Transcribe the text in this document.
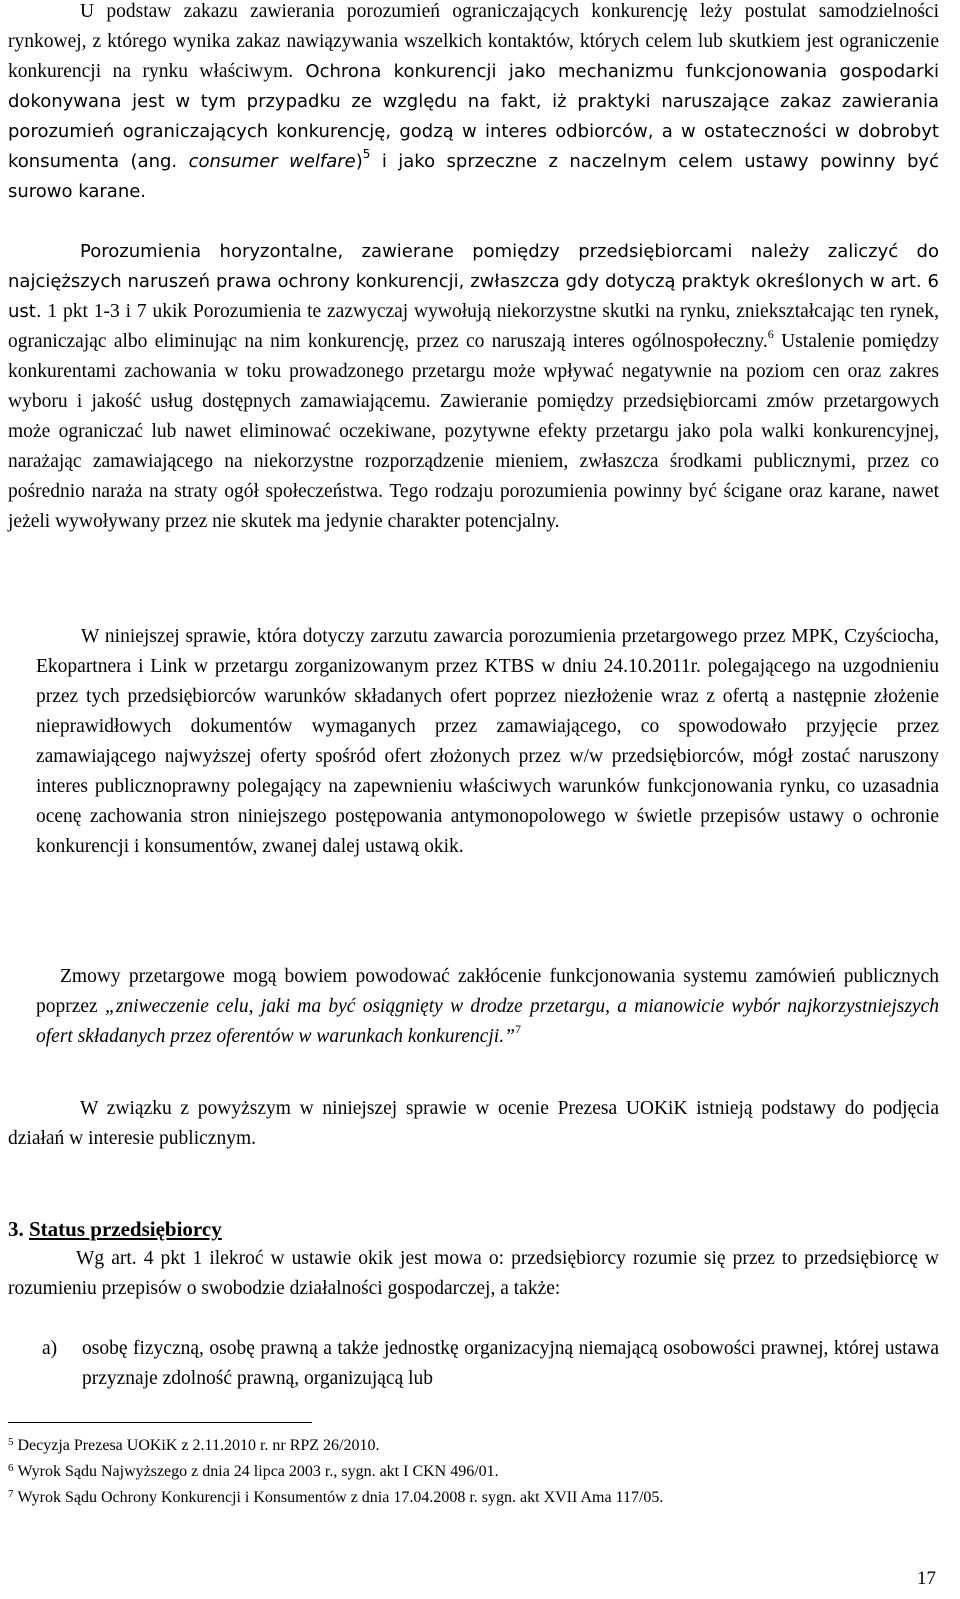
U podstaw zakazu zawierania porozumień ograniczających konkurencję leży postulat samodzielności rynkowej, z którego wynika zakaz nawiązywania wszelkich kontaktów, których celem lub skutkiem jest ograniczenie konkurencji na rynku właściwym. Ochrona konkurencji jako mechanizmu funkcjonowania gospodarki dokonywana jest w tym przypadku ze względu na fakt, iż praktyki naruszające zakaz zawierania porozumień ograniczających konkurencję, godzą w interes odbiorców, a w ostateczności w dobrobyt konsumenta (ang. consumer welfare)$^5$ i jako sprzeczne z naczelnym celem ustawy powinny być surowo karane.

Porozumienia horyzontalne, zawierane pomiędzy przedsiębiorcami należy zaliczyć do najcięższych naruszeń prawa ochrony konkurencji, zwłaszcza gdy dotyczą praktyk określonych w art. 6 ust. 1 pkt 1-3 i 7 ukik Porozumienia te zazwyczaj wywołują niekorzystne skutki na rynku, zniekształcając ten rynek, ograniczając albo eliminując na nim konkurencję, przez co naruszają interes ogólnospołeczny.$^6$ Ustalenie pomiędzy konkurentami zachowania w toku prowadzonego przetargu może wpływać negatywnie na poziom cen oraz zakres wyboru i jakość usług dostępnych zamawiającemu. Zawieranie pomiędzy przedsiębiorcami zmów przetargowych może ograniczać lub nawet eliminować oczekiwane, pozytywne efekty przetargu jako pola walki konkurencyjnej, narażając zamawiającego na niekorzystne rozporządzenie mieniem, zwłaszcza środkami publicznymi, przez co pośrednio naraża na straty ogół społeczeństwa. Tego rodzaju porozumienia powinny być ścigane oraz karane, nawet jeżeli wywoływany przez nie skutek ma jedynie charakter potencjalny.

W niniejszej sprawie, która dotyczy zarzutu zawarcia porozumienia przetargowego przez MPK, Czyściocha, Ekopartnera i Link w przetargu zorganizowanym przez KTBS w dniu 24.10.2011r. polegającego na uzgodnieniu przez tych przedsiębiorców warunków składanych ofert poprzez niezłożenie wraz z ofertą a następnie złożenie nieprawidłowych dokumentów wymaganych przez zamawiającego, co spowodowało przyjęcie przez zamawiającego najwyższej oferty spośród ofert złożonych przez w/w przedsiębiorców, mógł zostać naruszony interes publicznoprawny polegający na zapewnieniu właściwych warunków funkcjonowania rynku, co uzasadnia ocenę zachowania stron niniejszego postępowania antymonopolowego w świetle przepisów ustawy o ochronie konkurencji i konsumentów, zwanej dalej ustawą okik.

Zmowy przetargowe mogą bowiem powodować zakłócenie funkcjonowania systemu zamówień publicznych poprzez „zniweczenie celu, jaki ma być osiągnięty w drodze przetargu, a mianowicie wybór najkorzystniejszych ofert składanych przez oferentów w warunkach konkurencji.”$^7$

W związku z powyższym w niniejszej sprawie w ocenie Prezesa UOKiK istnieją podstawy do podjęcia działań w interesie publicznym.

3. Status przedsiębiorcy

Wg art. 4 pkt 1 ilekroć w ustawie okik jest mowa o: przedsiębiorcy rozumie się przez to przedsiębiorcę w rozumieniu przepisów o swobodzie działalności gospodarczej, a także:

a) osobę fizyczną, osobę prawną a także jednostkę organizacyjną niemającą osobowości prawnej, której ustawa przyznaje zdolność prawną, organizującą lub

$^5$ Decyzja Prezesa UOKiK z 2.11.2010 r. nr RPZ 26/2010.

$^6$ Wyrok Sądu Najwyższego z dnia 24 lipca 2003 r., sygn. akt I CKN 496/01.

$^7$ Wyrok Sądu Ochrony Konkurencji i Konsumentów z dnia 17.04.2008 r. sygn. akt XVII Ama 117/05.

17
